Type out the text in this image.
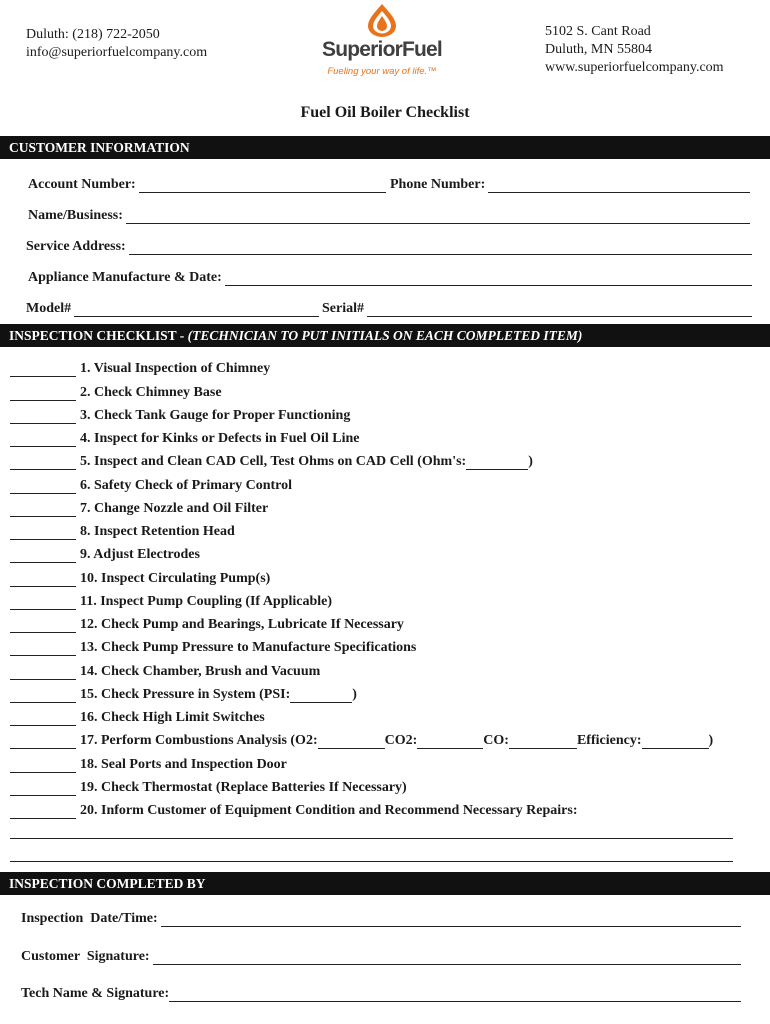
Duluth: (218) 722-2050
info@superiorfuelcompany.com	SuperiorFuel
Fueling your way of life.™
5102 S. Cant Road
Duluth, MN 55804
www.superiorfuelcompany.com
Fuel Oil Boiler Checklist
CUSTOMER INFORMATION
Account Number:	Phone Number:
Name/Business:
Service Address:
Appliance Manufacture & Date:
Model#	Serial#
INSPECTION CHECKLIST - (TECHNICIAN TO PUT INITIALS ON EACH COMPLETED ITEM)
1. Visual Inspection of Chimney
2. Check Chimney Base
3. Check Tank Gauge for Proper Functioning
4. Inspect for Kinks or Defects in Fuel Oil Line
5. Inspect and Clean CAD Cell, Test Ohms on CAD Cell (Ohm's:	)
6. Safety Check of Primary Control
7. Change Nozzle and Oil Filter
8. Inspect Retention Head
9. Adjust Electrodes
10. Inspect Circulating Pump(s)
11. Inspect Pump Coupling (If Applicable)
12. Check Pump and Bearings, Lubricate If Necessary
13. Check Pump Pressure to Manufacture Specifications
14. Check Chamber, Brush and Vacuum
15. Check Pressure in System (PSI:	)
16. Check High Limit Switches
17. Perform Combustions Analysis (O2:	CO2:	CO:	Efficiency:	)
18. Seal Ports and Inspection Door
19. Check Thermostat (Replace Batteries If Necessary)
20. Inform Customer of Equipment Condition and Recommend Necessary Repairs:
INSPECTION COMPLETED BY
Inspection  Date/Time:
Customer  Signature:
Tech Name & Signature:
